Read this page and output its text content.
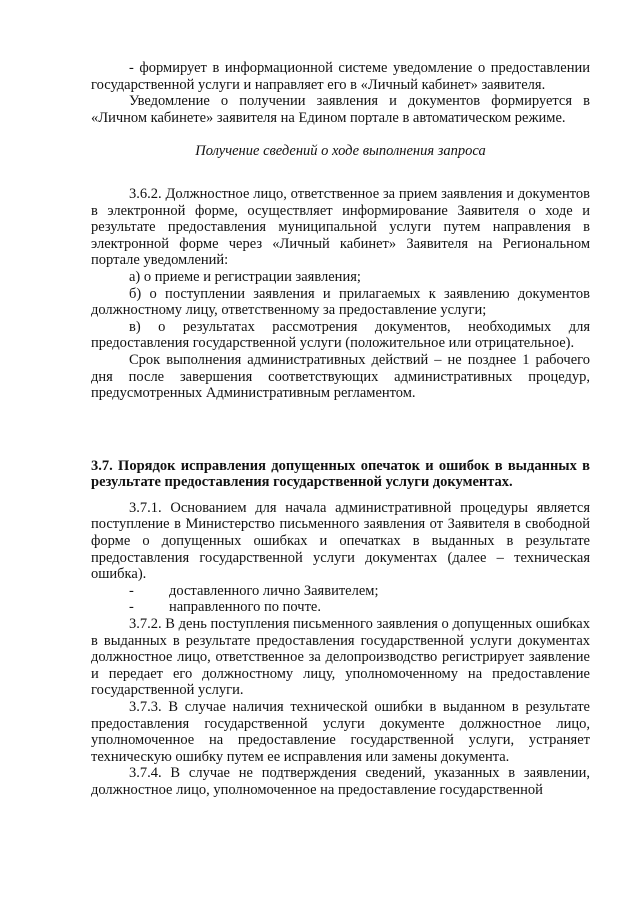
- формирует в информационной системе уведомление о предоставлении государственной услуги и направляет его в «Личный кабинет» заявителя.

Уведомление о получении заявления и документов формируется в «Личном кабинете» заявителя на Едином портале в автоматическом режиме.

Получение сведений о ходе выполнения запроса

3.6.2. Должностное лицо, ответственное за прием заявления и документов в электронной форме, осуществляет информирование Заявителя о ходе и результате предоставления муниципальной услуги путем направления в электронной форме через «Личный кабинет» Заявителя на Региональном портале уведомлений:

а) о приеме и регистрации заявления;

б) о поступлении заявления и прилагаемых к заявлению документов должностному лицу, ответственному за предоставление услуги;

в) о результатах рассмотрения документов, необходимых для предоставления государственной услуги (положительное или отрицательное).

Срок выполнения административных действий – не позднее 1 рабочего дня после завершения соответствующих административных процедур, предусмотренных Административным регламентом.

3.7. Порядок исправления допущенных опечаток и ошибок в выданных в результате предоставления государственной услуги документах.

3.7.1. Основанием для начала административной процедуры является поступление в Министерство письменного заявления от Заявителя в свободной форме о допущенных ошибках и опечатках в выданных в результате предоставления государственной услуги документах (далее – техническая ошибка).

-	доставленного лично Заявителем;
-	направленного по почте.

3.7.2. В день поступления письменного заявления о допущенных ошибках в выданных в результате предоставления государственной услуги документах должностное лицо, ответственное за делопроизводство регистрирует заявление и передает его должностному лицу, уполномоченному на предоставление государственной услуги.

3.7.3. В случае наличия технической ошибки в выданном в результате предоставления государственной услуги документе должностное лицо, уполномоченное на предоставление государственной услуги, устраняет техническую ошибку путем ее исправления или замены документа.

3.7.4. В случае не подтверждения сведений, указанных в заявлении, должностное лицо, уполномоченное на предоставление государственной
